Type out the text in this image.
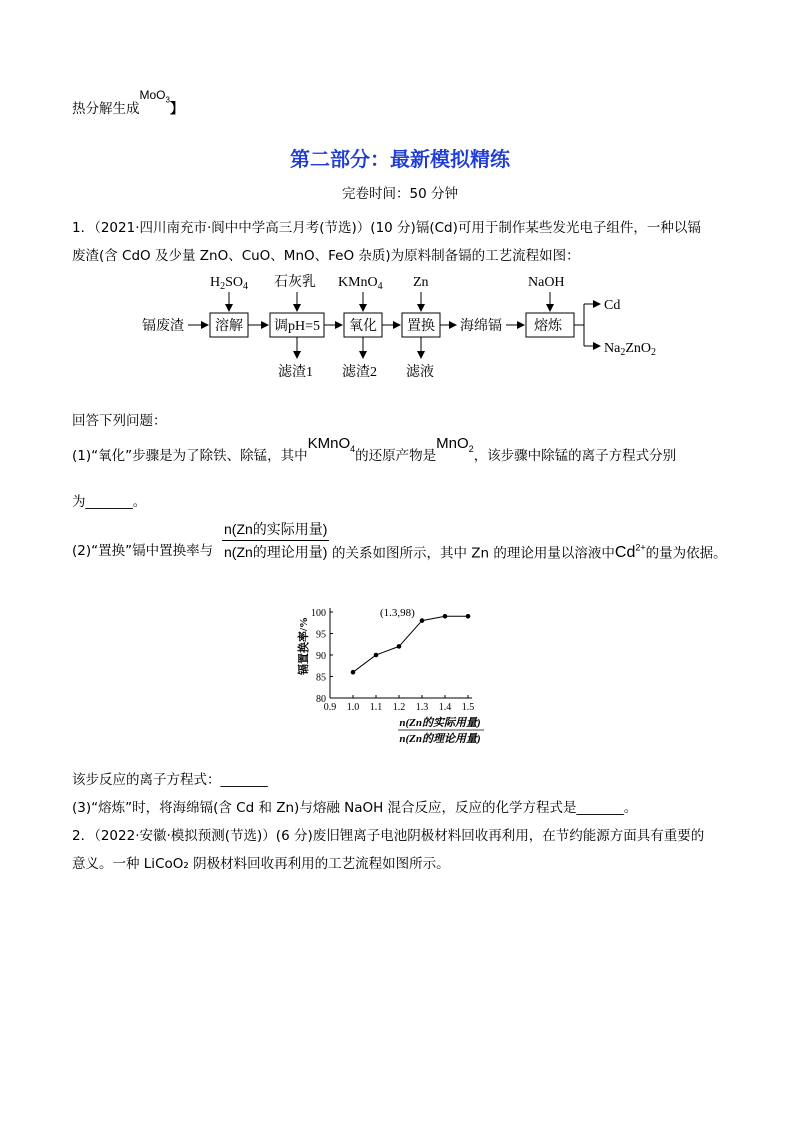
热分解生成MoO$_3$】
第二部分：最新模拟精练
完卷时间：50 分钟
1．（2021·四川南充市·阆中中学高三月考(节选)）(10 分)镉(Cd)可用于制作某些发光电子组件，一种以镉
废渣(含 CdO 及少量 ZnO、CuO、MnO、FeO 杂质)为原料制备镉的工艺流程如图：
镉废渣 溶解 调pH=5 氧化 置换 海绵镉 熔炼
Cd
$Na_2ZnO_2$
$H_2SO_4$ 石灰乳 KMnO$_4$ Zn	NaOH
滤渣1 滤渣2 滤液
回答下列问题：
(1)“氧化”步骤是为了除铁、除锰，其中KMnO$_4$的还原产物是MnO$_2$，该步骤中除锰的离子方程式分别
为_______。
(2)“置换”镉中置换率与
n(Zn的实际用量)
n(Zn的理论用量) 的关系如图所示，其中 Zn 的理论用量以溶液中$Cd^{2+}$的量为依据。
0.9 1.0 1.1 1.2 1.3 1.4 1.5
80
85
90
95
100
镉置换率/%
(1.3,98)
n(Zn的实际用量)
n(Zn的理论用量)
该步反应的离子方程式：_______
(3)“熔炼”时，将海绵镉(含 Cd 和 Zn)与熔融 NaOH 混合反应，反应的化学方程式是_______。
2．（2022·安徽·模拟预测(节选)）(6 分)废旧锂离子电池阴极材料回收再利用，在节约能源方面具有重要的
意义。一种 LiCoO₂ 阴极材料回收再利用的工艺流程如图所示。
